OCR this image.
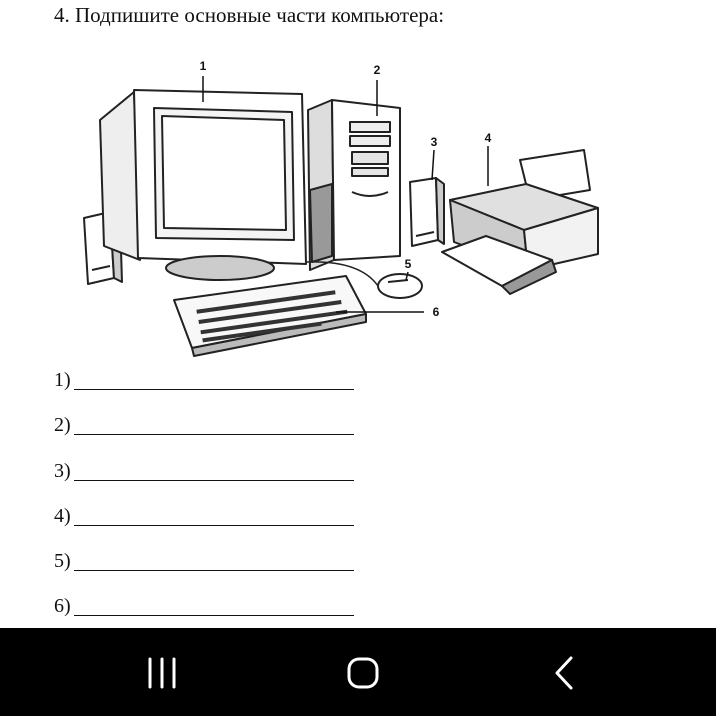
4. Подпишите основные части компьютера:
1	2
3	4
5
6
1)
2)
3)
4)
5)
6)
